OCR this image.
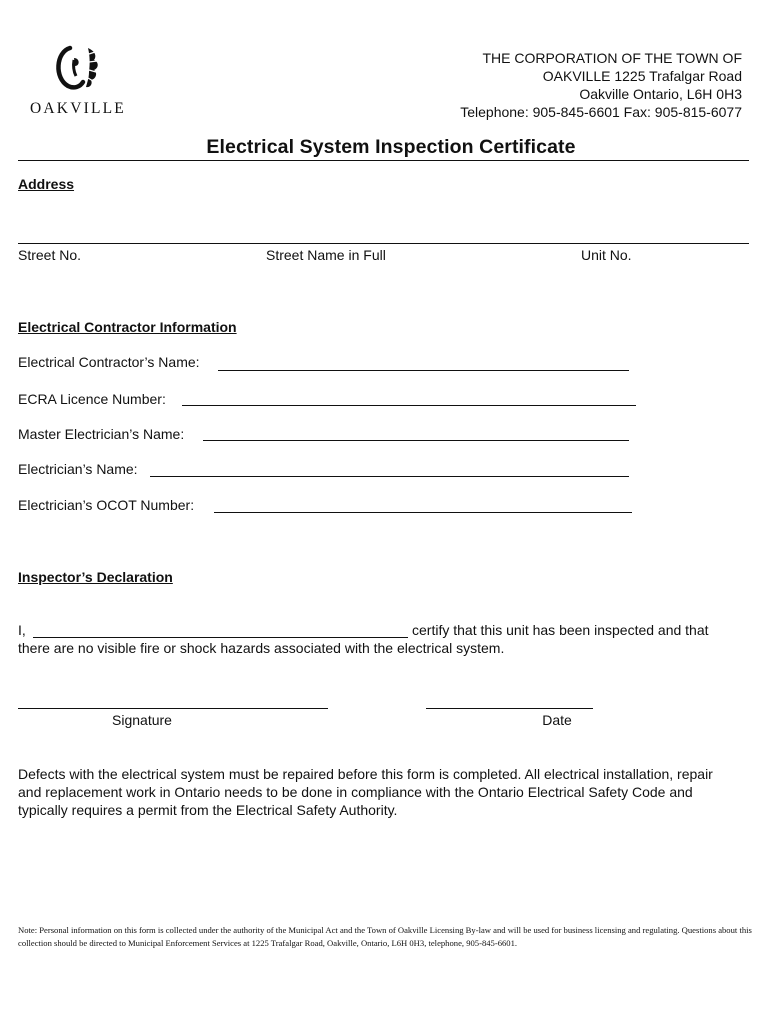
OAKVILLE
THE CORPORATION OF THE TOWN OF
OAKVILLE 1225 Trafalgar Road
Oakville Ontario, L6H 0H3
Telephone: 905-845-6601 Fax: 905-815-6077
Electrical System Inspection Certificate
Address
Street No.	Street Name in Full	Unit No.
Electrical Contractor Information
Electrical Contractor’s Name:
ECRA Licence Number:
Master Electrician’s Name:
Electrician’s Name:
Electrician’s OCOT Number:
Inspector’s Declaration
I,	certify that this unit has been inspected and that
there are no visible fire or shock hazards associated with the electrical system.
Signature	Date
Defects with the electrical system must be repaired before this form is completed. All electrical installation, repair and replacement work in Ontario needs to be done in compliance with the Ontario Electrical Safety Code and typically requires a permit from the Electrical Safety Authority.
Note: Personal information on this form is collected under the authority of the Municipal Act and the Town of Oakville Licensing By-law and will be used for business licensing and regulating. Questions about this collection should be directed to Municipal Enforcement Services at 1225 Trafalgar Road, Oakville, Ontario, L6H 0H3, telephone, 905-845-6601.
